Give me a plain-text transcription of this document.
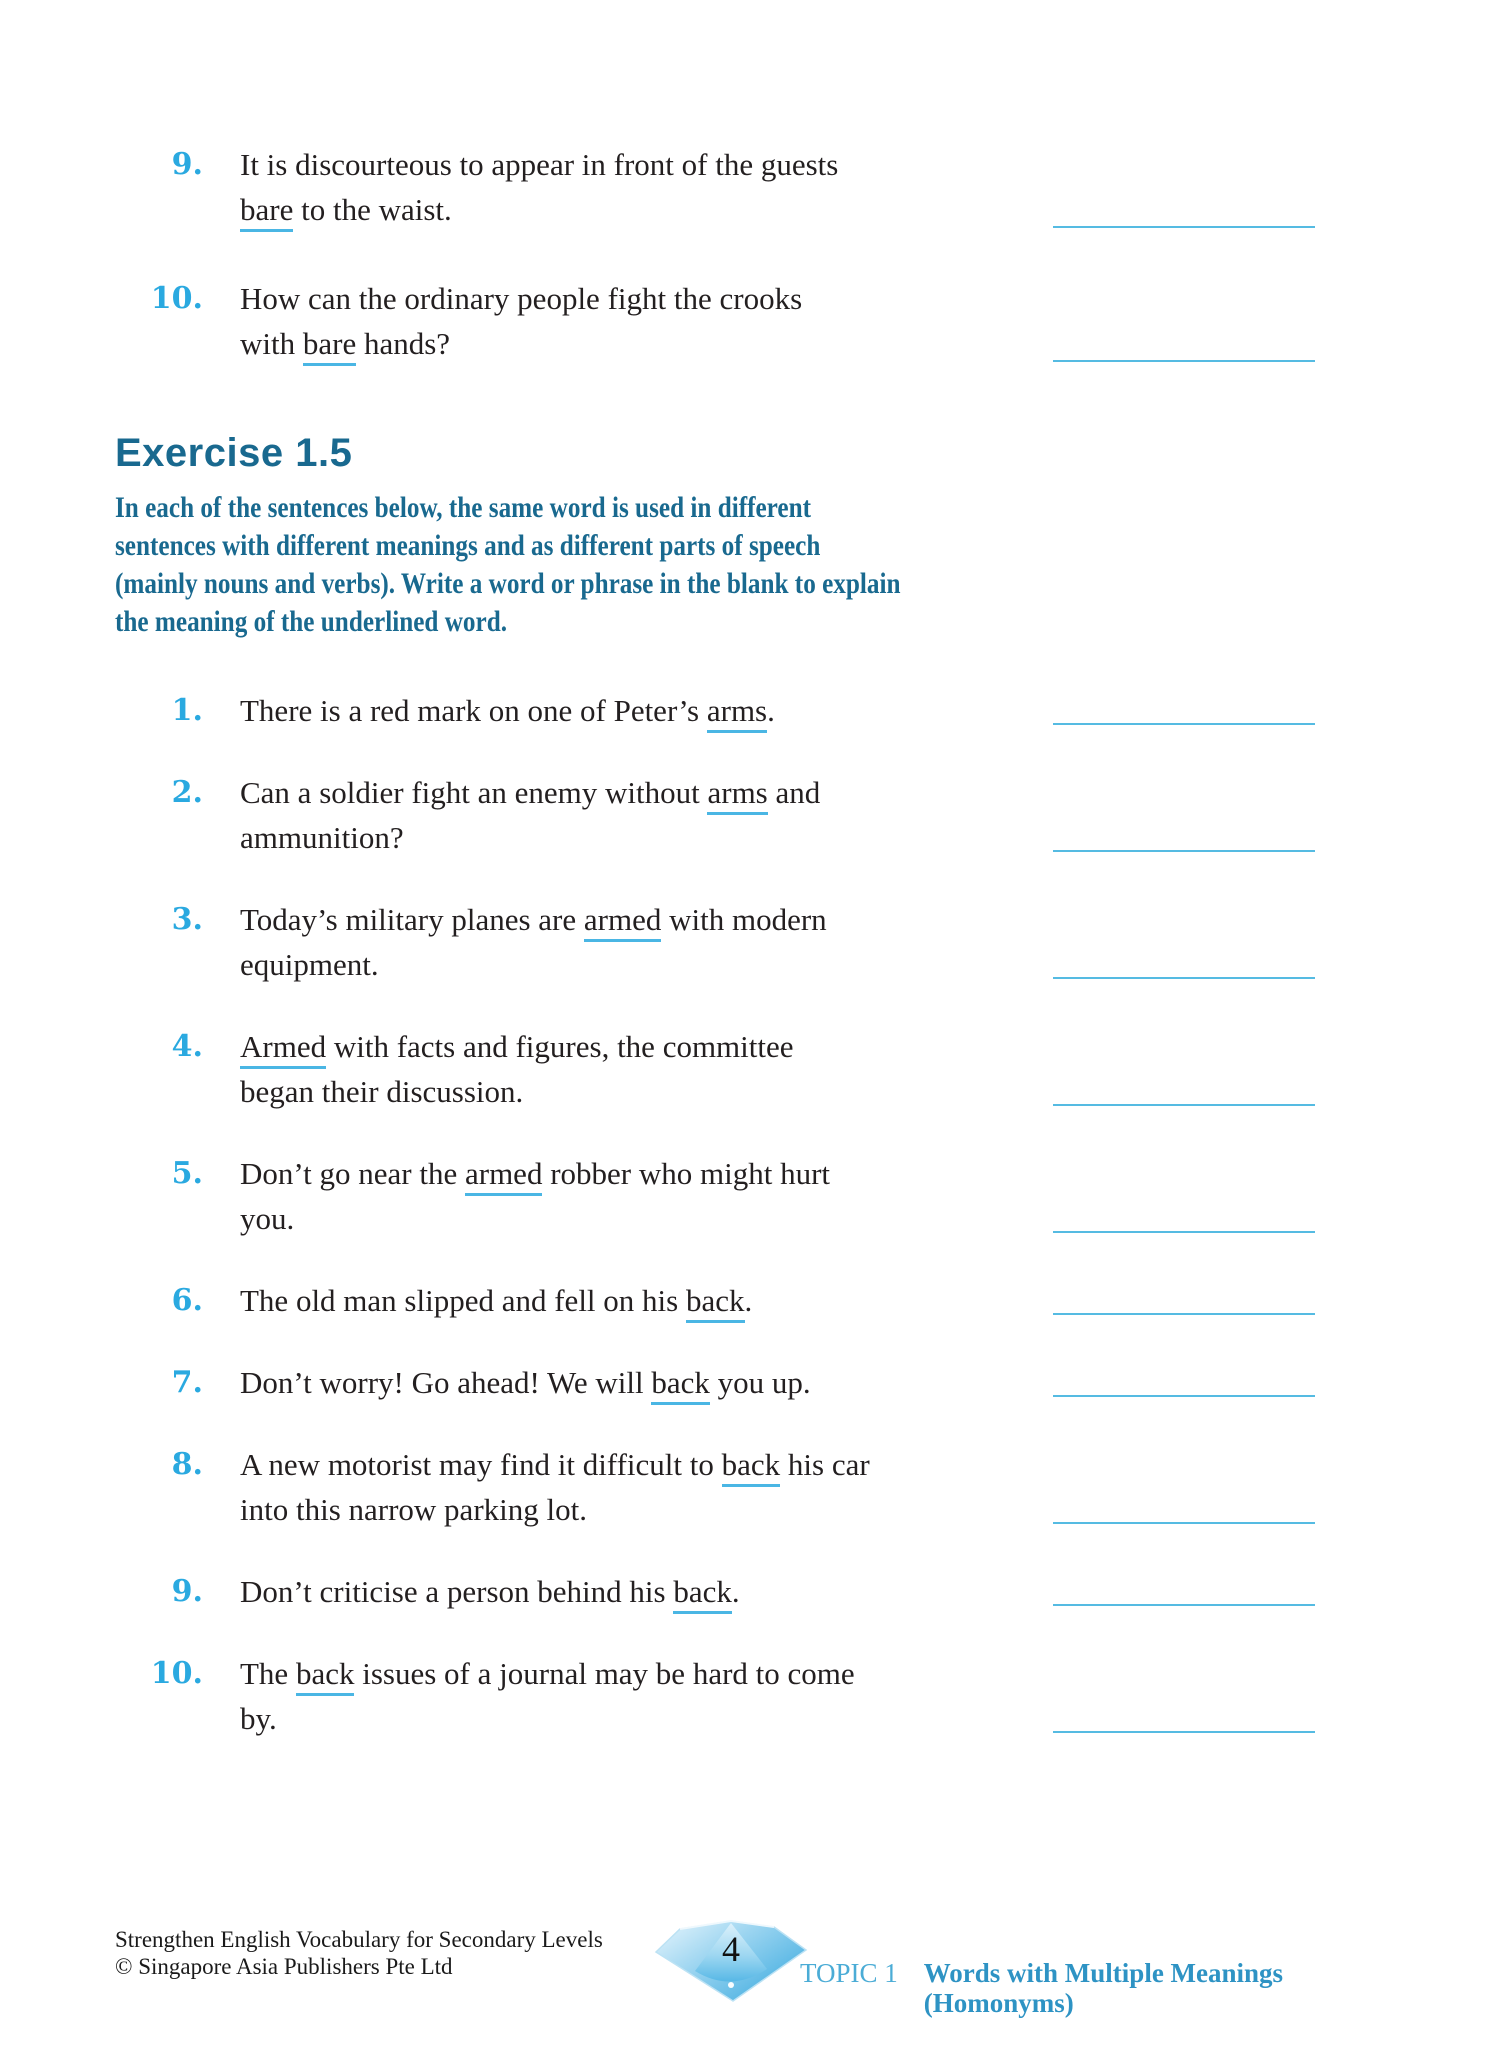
9. It is discourteous to appear in front of the guests
bare to the waist.
10. How can the ordinary people fight the crooks
with bare hands?
Exercise 1.5
In each of the sentences below, the same word is used in different
sentences with different meanings and as different parts of speech
(mainly nouns and verbs). Write a word or phrase in the blank to explain
the meaning of the underlined word.
1. There is a red mark on one of Peter’s arms.
2. Can a soldier fight an enemy without arms and
ammunition?
3. Today’s military planes are armed with modern
equipment.
4. Armed with facts and figures, the committee
began their discussion.
5. Don’t go near the armed robber who might hurt
you.
6. The old man slipped and fell on his back.
7. Don’t worry! Go ahead! We will back you up.
8. A new motorist may find it difficult to back his car
into this narrow parking lot.
9. Don’t criticise a person behind his back.
10. The back issues of a journal may be hard to come
by.
Strengthen English Vocabulary for Secondary Levels
© Singapore Asia Publishers Pte Ltd	4
TOPIC 1 Words with Multiple Meanings
(Homonyms)
